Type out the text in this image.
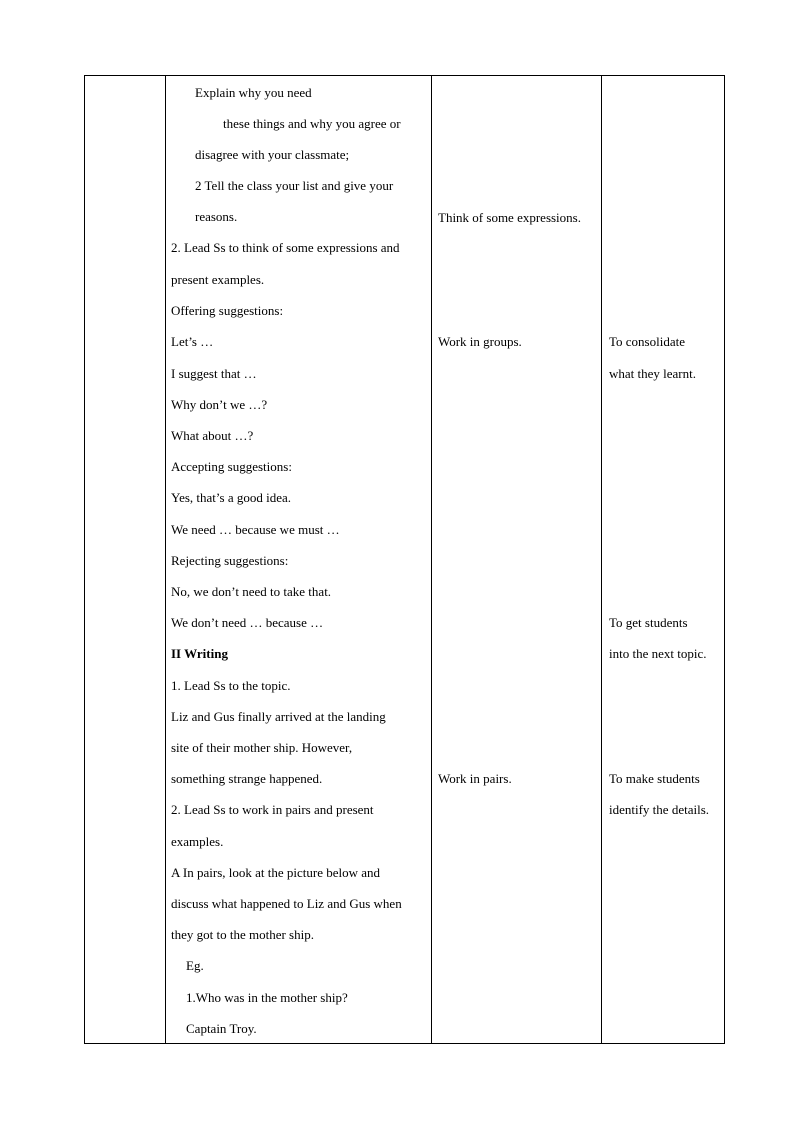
Explain why you need
these things and why you agree or
disagree with your classmate;
2 Tell the class your list and give your
reasons.
2. Lead Ss to think of some expressions and
present examples.
Offering suggestions:
Let’s …
I suggest that …
Why don’t we …?
What about …?
Accepting suggestions:
Yes, that’s a good idea.
We need … because we must …
Rejecting suggestions:
No, we don’t need to take that.
We don’t need … because …
II Writing
1. Lead Ss to the topic.
Liz and Gus finally arrived at the landing
site of their mother ship. However,
something strange happened.
2. Lead Ss to work in pairs and present
examples.
A In pairs, look at the picture below and
discuss what happened to Liz and Gus when
they got to the mother ship.
Eg.
1.Who was in the mother ship?
Captain Troy.
Think of some expressions.
Work in groups.
Work in pairs.
To consolidate
what they learnt.
To get students
into the next topic.
To make students
identify the details.
